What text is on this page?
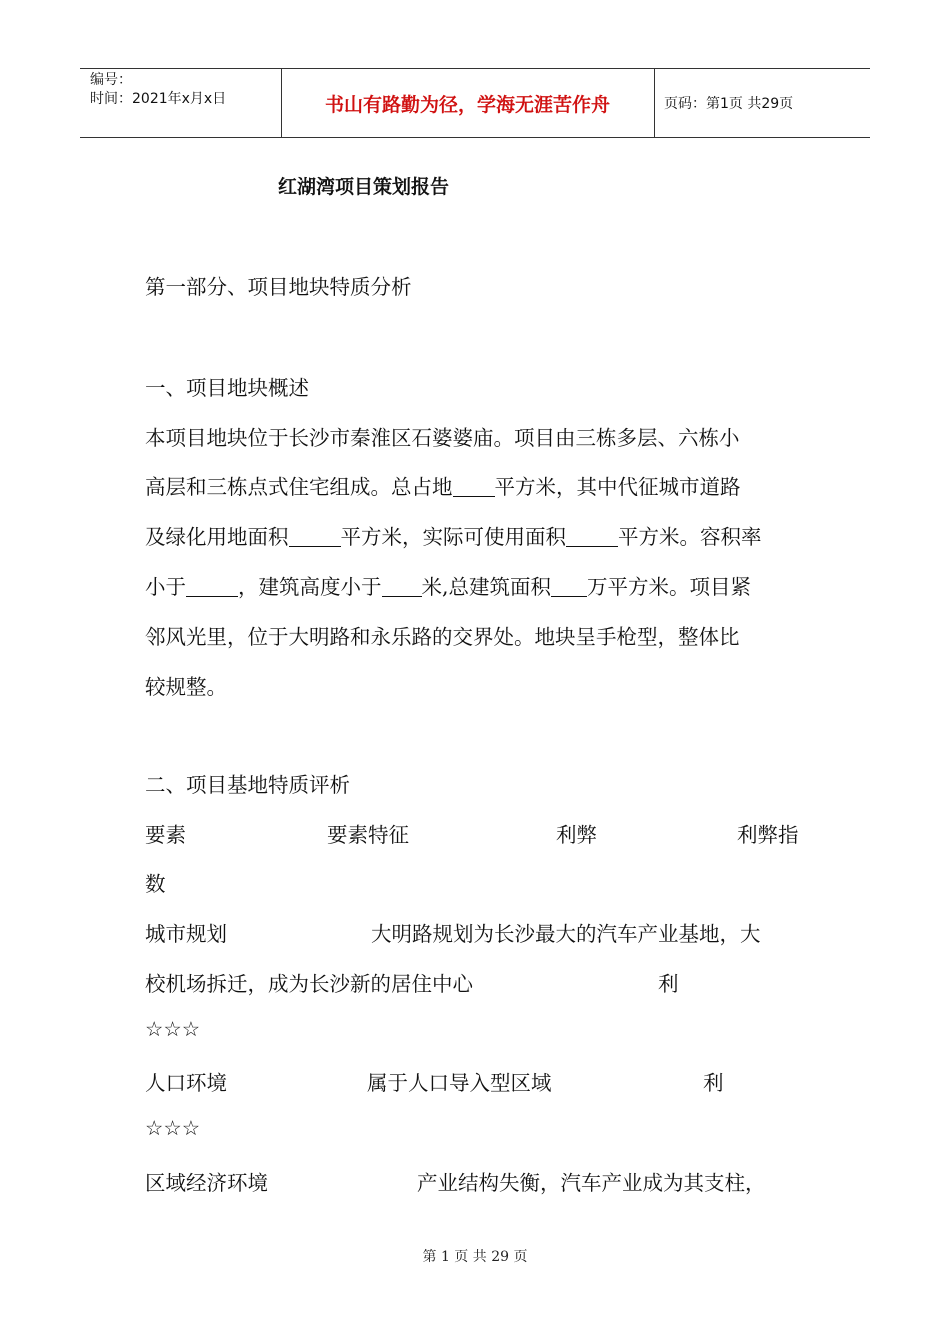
编号：
时间：2021年x月x日	书山有路勤为径，学海无涯苦作舟	页码：第1页 共29页
红湖湾项目策划报告
第一部分、项目地块特质分析
一、项目地块概述
本项目地块位于长沙市秦淮区石婆婆庙。项目由三栋多层、六栋小
高层和三栋点式住宅组成。总占地 平方米，其中代征城市道路
及绿化用地面积	平方米，实际可使用面积	平方米。容积率
小于	，建筑高度小于 米,总建筑面积 万平方米。项目紧
邻风光里，位于大明路和永乐路的交界处。地块呈手枪型，整体比
较规整。
二、项目基地特质评析
要素	要素特征	利弊	利弊指
数
城市规划	大明路规划为长沙最大的汽车产业基地，大
校机场拆迁，成为长沙新的居住中心	利
☆☆☆
人口环境	属于人口导入型区域	利
☆☆☆
区域经济环境	产业结构失衡，汽车产业成为其支柱，
第 1 页 共 29 页
